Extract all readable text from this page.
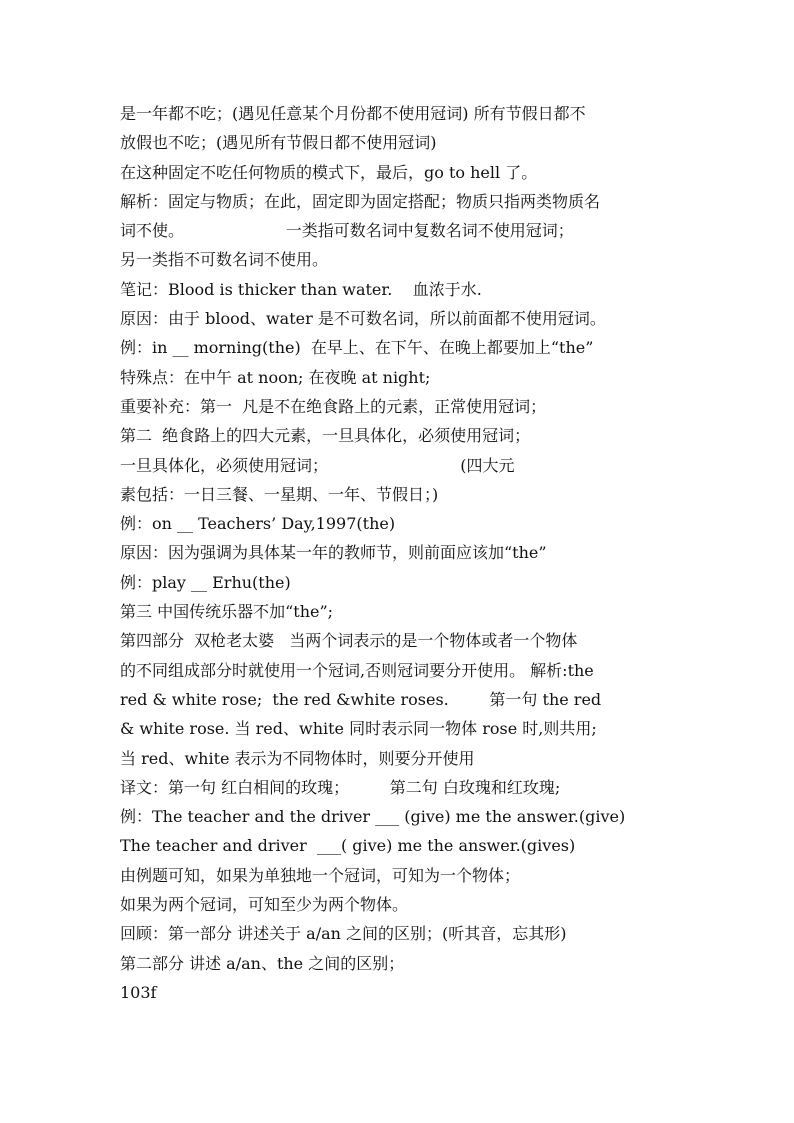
是一年都不吃；(遇见任意某个月份都不使用冠词) 所有节假日都不
放假也不吃；(遇见所有节假日都不使用冠词)
在这种固定不吃任何物质的模式下，最后，go to hell 了。
解析：固定与物质；在此，固定即为固定搭配；物质只指两类物质名
词不使。                    一类指可数名词中复数名词不使用冠词；
另一类指不可数名词不使用。
笔记：Blood is thicker than water.    血浓于水.
原因：由于 blood、water 是不可数名词，所以前面都不使用冠词。
例：in __ morning(the)  在早上、在下午、在晚上都要加上“the”
特殊点：在中午 at noon; 在夜晚 at night;
重要补充：第一  凡是不在绝食路上的元素，正常使用冠词；
第二  绝食路上的四大元素，一旦具体化，必须使用冠词；
一旦具体化，必须使用冠词；                          (四大元
素包括：一日三餐、一星期、一年、节假日；)
例：on __ Teachers’ Day,1997(the)
原因：因为强调为具体某一年的教师节，则前面应该加“the”
例：play __ Erhu(the)
第三 中国传统乐器不加“the”;
第四部分  双枪老太婆   当两个词表示的是一个物体或者一个物体
的不同组成部分时就使用一个冠词,否则冠词要分开使用。 解析:the
red & white rose;  the red &white roses.        第一句 the red
& white rose. 当 red、white 同时表示同一物体 rose 时,则共用;
当 red、white 表示为不同物体时，则要分开使用
译文：第一句 红白相间的玫瑰；        第二句 白玫瑰和红玫瑰;
例：The teacher and the driver ___ (give) me the answer.(give)
The teacher and driver  ___( give) me the answer.(gives)
由例题可知，如果为单独地一个冠词，可知为一个物体；
如果为两个冠词，可知至少为两个物体。
回顾：第一部分 讲述关于 a/an 之间的区别；(听其音，忘其形)
第二部分 讲述 a/an、the 之间的区别；
103f
